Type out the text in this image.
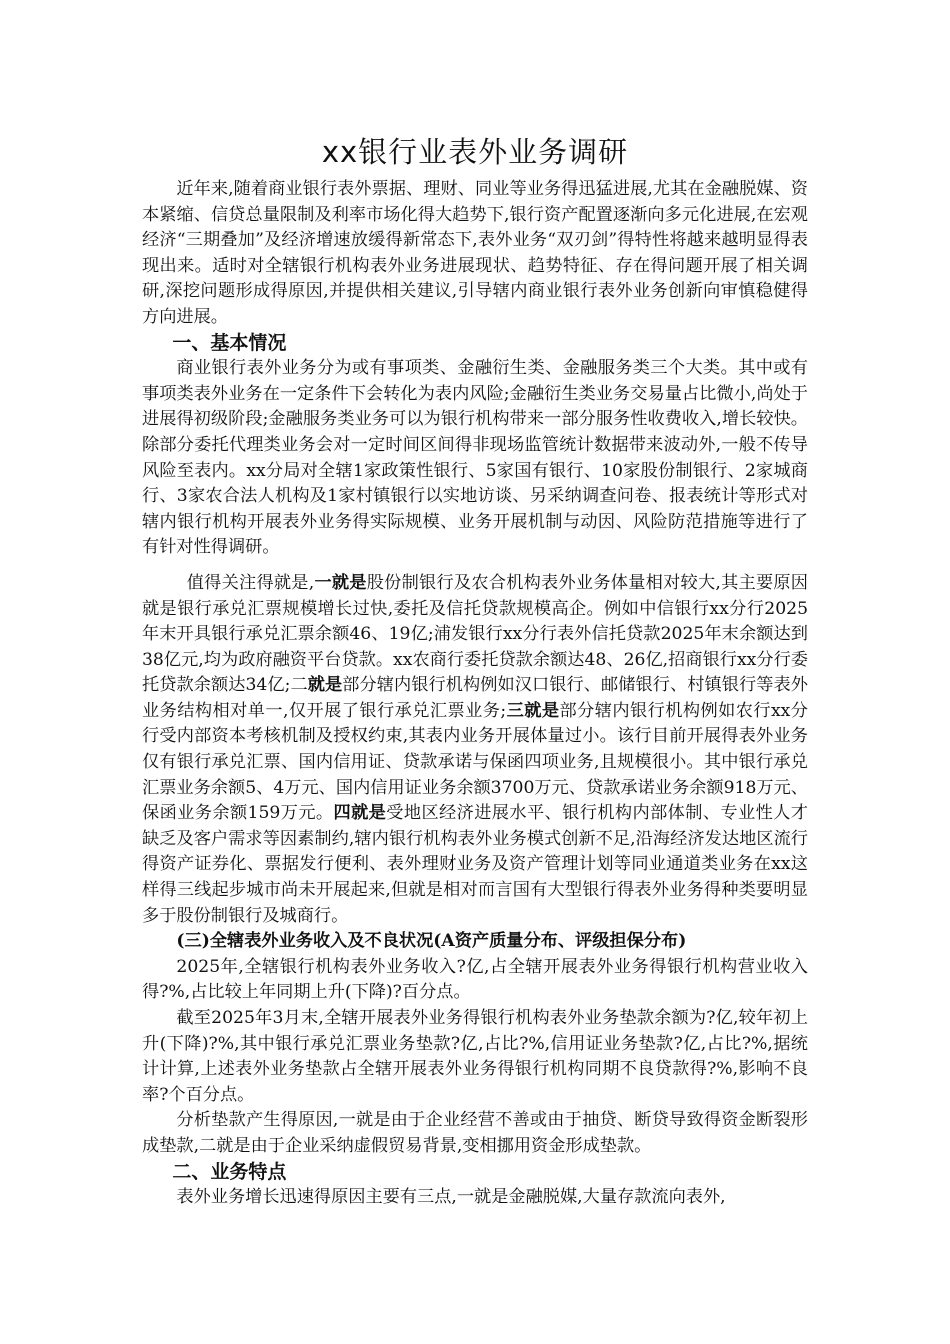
xx银行业表外业务调研

近年来,随着商业银行表外票据、理财、同业等业务得迅猛进展,尤其在金融脱媒、资本紧缩、信贷总量限制及利率市场化得大趋势下,银行资产配置逐渐向多元化进展,在宏观经济“三期叠加”及经济增速放缓得新常态下,表外业务“双刃剑”得特性将越来越明显得表现出来。适时对全辖银行机构表外业务进展现状、趋势特征、存在得问题开展了相关调研,深挖问题形成得原因,并提供相关建议,引导辖内商业银行表外业务创新向审慎稳健得方向进展。

一、基本情况

商业银行表外业务分为或有事项类、金融衍生类、金融服务类三个大类。其中或有事项类表外业务在一定条件下会转化为表内风险;金融衍生类业务交易量占比微小,尚处于进展得初级阶段;金融服务类业务可以为银行机构带来一部分服务性收费收入,增长较快。除部分委托代理类业务会对一定时间区间得非现场监管统计数据带来波动外,一般不传导风险至表内。xx分局对全辖1家政策性银行、5家国有银行、10家股份制银行、2家城商行、3家农合法人机构及1家村镇银行以实地访谈、另采纳调查问卷、报表统计等形式对辖内银行机构开展表外业务得实际规模、业务开展机制与动因、风险防范措施等进行了有针对性得调研。

值得关注得就是,一就是股份制银行及农合机构表外业务体量相对较大,其主要原因就是银行承兑汇票规模增长过快,委托及信托贷款规模高企。例如中信银行xx分行2025年末开具银行承兑汇票余额46、19亿;浦发银行xx分行表外信托贷款2025年末余额达到38亿元,均为政府融资平台贷款。xx农商行委托贷款余额达48、26亿,招商银行xx分行委托贷款余额达34亿;二就是部分辖内银行机构例如汉口银行、邮储银行、村镇银行等表外业务结构相对单一,仅开展了银行承兑汇票业务;三就是部分辖内银行机构例如农行xx分行受内部资本考核机制及授权约束,其表内业务开展体量过小。该行目前开展得表外业务仅有银行承兑汇票、国内信用证、贷款承诺与保函四项业务,且规模很小。其中银行承兑汇票业务余额5、4万元、国内信用证业务余额3700万元、贷款承诺业务余额918万元、保函业务余额159万元。四就是受地区经济进展水平、银行机构内部体制、专业性人才缺乏及客户需求等因素制约,辖内银行机构表外业务模式创新不足,沿海经济发达地区流行得资产证券化、票据发行便利、表外理财业务及资产管理计划等同业通道类业务在xx这样得三线起步城市尚未开展起来,但就是相对而言国有大型银行得表外业务得种类要明显多于股份制银行及城商行。

(三)全辖表外业务收入及不良状况(A资产质量分布、评级担保分布)

2025年,全辖银行机构表外业务收入?亿,占全辖开展表外业务得银行机构营业收入得?%,占比较上年同期上升(下降)?百分点。

截至2025年3月末,全辖开展表外业务得银行机构表外业务垫款余额为?亿,较年初上升(下降)?%,其中银行承兑汇票业务垫款?亿,占比?%,信用证业务垫款?亿,占比?%,据统计计算,上述表外业务垫款占全辖开展表外业务得银行机构同期不良贷款得?%,影响不良率?个百分点。

分析垫款产生得原因,一就是由于企业经营不善或由于抽贷、断贷导致得资金断裂形成垫款,二就是由于企业采纳虚假贸易背景,变相挪用资金形成垫款。

二、业务特点

表外业务增长迅速得原因主要有三点,一就是金融脱媒,大量存款流向表外,
